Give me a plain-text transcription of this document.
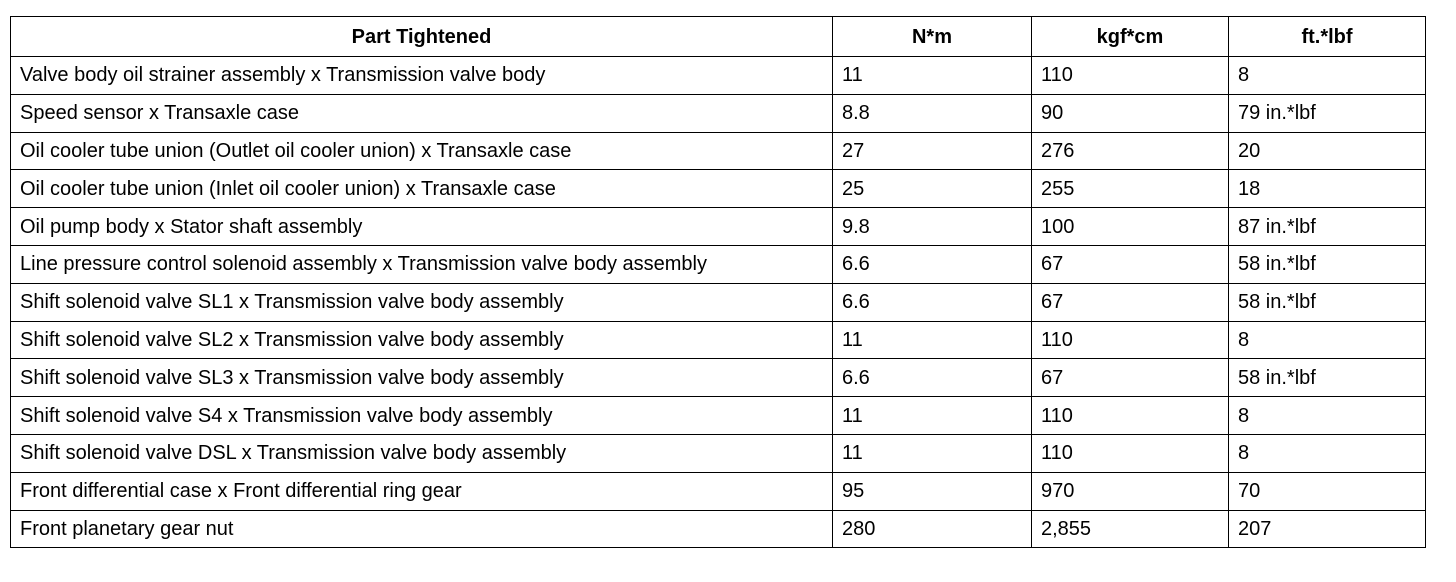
Part Tightened	N*m	kgf*cm	ft.*lbf
Valve body oil strainer assembly x Transmission valve body	11	110	8
Speed sensor x Transaxle case	8.8	90	79 in.*lbf
Oil cooler tube union (Outlet oil cooler union) x Transaxle case	27	276	20
Oil cooler tube union (Inlet oil cooler union) x Transaxle case	25	255	18
Oil pump body x Stator shaft assembly	9.8	100	87 in.*lbf
Line pressure control solenoid assembly x Transmission valve body assembly	6.6	67	58 in.*lbf
Shift solenoid valve SL1 x Transmission valve body assembly	6.6	67	58 in.*lbf
Shift solenoid valve SL2 x Transmission valve body assembly	11	110	8
Shift solenoid valve SL3 x Transmission valve body assembly	6.6	67	58 in.*lbf
Shift solenoid valve S4 x Transmission valve body assembly	11	110	8
Shift solenoid valve DSL x Transmission valve body assembly	11	110	8
Front differential case x Front differential ring gear	95	970	70
Front planetary gear nut	280	2,855	207
